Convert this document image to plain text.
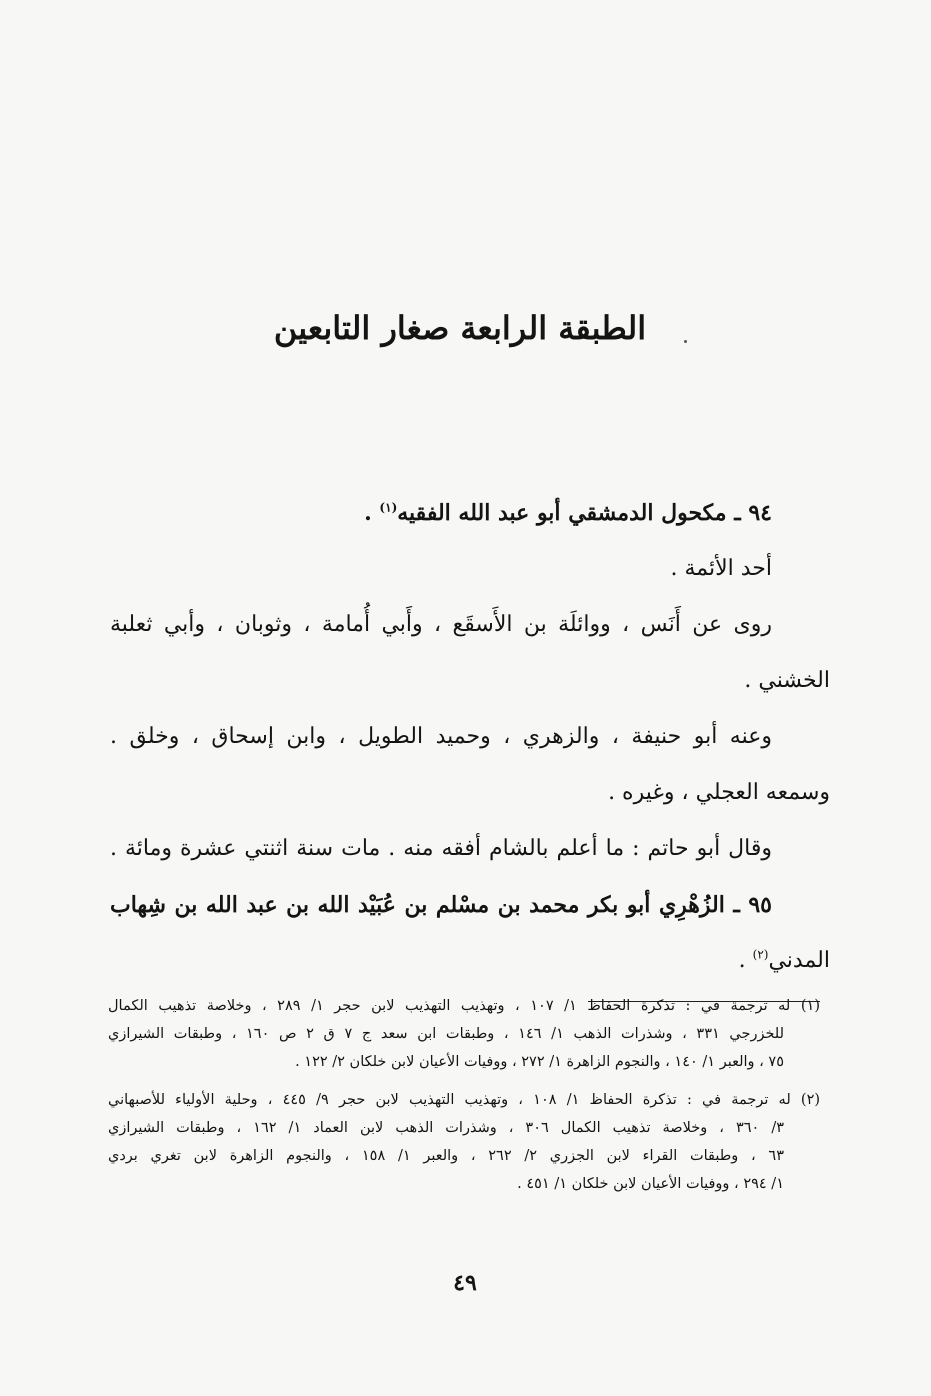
الطبقة الرابعة صغار التابعين
٩٤ ـ مكحول الدمشقي أبو عبد الله الفقيه$^{(١)}$ .
أحد الأئمة .
روى عن أَنَس ، ووائلَة بن الأَسقَع ، وأَبي أُمامة ، وثوبان ، وأبي ثعلبة
الخشني .
وعنه أبو حنيفة ، والزهري ، وحميد الطويل ، وابن إسحاق ، وخلق .
وسمعه العجلي ، وغيره .
وقال أبو حاتم : ما أعلم بالشام أفقه منه . مات سنة اثنتي عشرة ومائة .
٩٥ ـ الزُهْرِي أبو بكر محمد بن مسْلم بن عُبَيْد الله بن عبد الله بن شِهاب
المدني$^{(٢)}$ .
(١) له ترجمة في : تذكرة الحفاظ ١/ ١٠٧ ، وتهذيب التهذيب لابن حجر ١/ ٢٨٩ ، وخلاصة تذهيب الكمال
للخزرجي ٣٣١ ، وشذرات الذهب ١/ ١٤٦ ، وطبقات ابن سعد ج ٧ ق ٢ ص ١٦٠ ، وطبقات الشيرازي
٧٥ ، والعبر ١/ ١٤٠ ، والنجوم الزاهرة ١/ ٢٧٢ ، ووفيات الأعيان لابن خلكان ٢/ ١٢٢ .
(٢) له ترجمة في : تذكرة الحفاظ ١/ ١٠٨ ، وتهذيب التهذيب لابن حجر ٩/ ٤٤٥ ، وحلية الأولياء للأصبهاني
٣/ ٣٦٠ ، وخلاصة تذهيب الكمال ٣٠٦ ، وشذرات الذهب لابن العماد ١/ ١٦٢ ، وطبقات الشيرازي
٦٣ ، وطبقات القراء لابن الجزري ٢/ ٢٦٢ ، والعبر ١/ ١٥٨ ، والنجوم الزاهرة لابن تغري بردي
١/ ٢٩٤ ، ووفيات الأعيان لابن خلكان ١/ ٤٥١ .
٤٩
